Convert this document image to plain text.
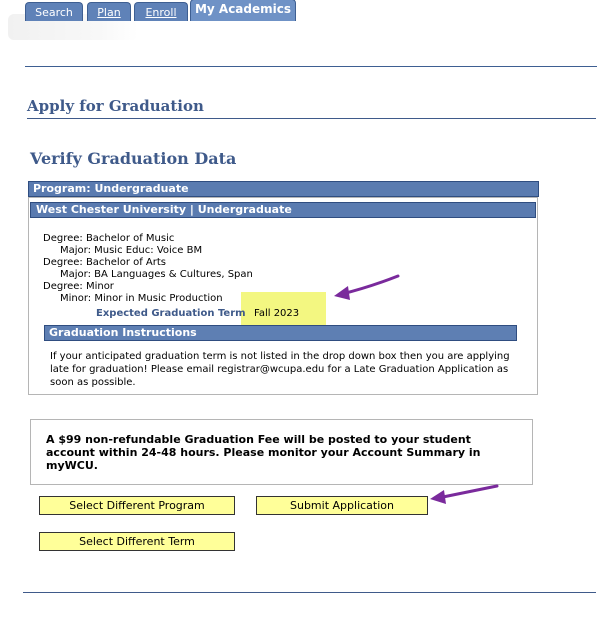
Search	Plan	Enroll	My Academics
Apply for Graduation
Verify Graduation Data
Program: Undergraduate
West Chester University | Undergraduate
Degree: Bachelor of Music
Major: Music Educ: Voice BM
Degree: Bachelor of Arts
Major: BA Languages & Cultures, Span
Degree: Minor
Minor: Minor in Music Production
Expected Graduation Term Fall 2023
Graduation Instructions
If your anticipated graduation term is not listed in the drop down box then you are applying late for graduation! Please email registrar@wcupa.edu for a Late Graduation Application as soon as possible.
A $99 non-refundable Graduation Fee will be posted to your student account within 24-48 hours. Please monitor your Account Summary in myWCU.
Select Different Program	Submit Application
Select Different Term
